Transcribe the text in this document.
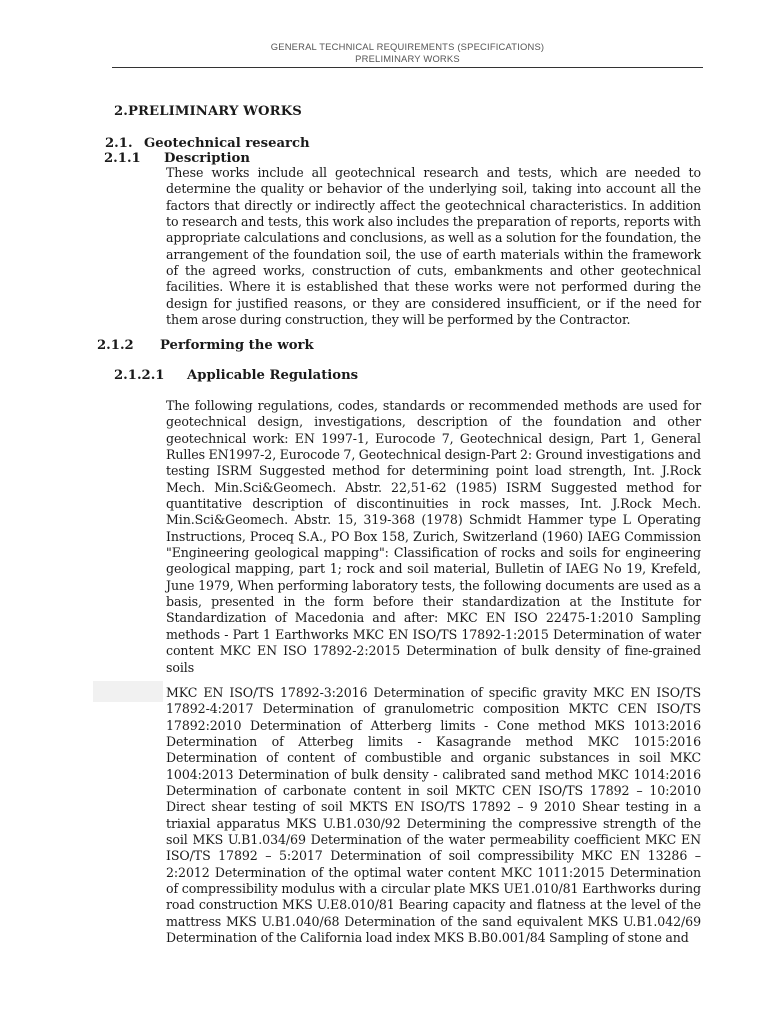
GENERAL TECHNICAL REQUIREMENTS (SPECIFICATIONS)
PRELIMINARY WORKS
2.PRELIMINARY WORKS
2.1. Geotechnical research
2.1.1 Description
These works include all geotechnical research and tests, which are needed to determine the quality or behavior of the underlying soil, taking into account all the factors that directly or indirectly affect the geotechnical characteristics. In addition to research and tests, this work also includes the preparation of reports, reports with appropriate calculations and conclusions, as well as a solution for the foundation, the arrangement of the foundation soil, the use of earth materials within the framework of the agreed works, construction of cuts, embankments and other geotechnical facilities. Where it is established that these works were not performed during the design for justified reasons, or they are considered insufficient, or if the need for them arose during construction, they will be performed by the Contractor.
2.1.2 Performing the work
2.1.2.1 Applicable Regulations
The following regulations, codes, standards or recommended methods are used for geotechnical design, investigations, description of the foundation and other geotechnical work: EN 1997-1, Eurocode 7, Geotechnical design, Part 1, General Rulles EN1997-2, Eurocode 7, Geotechnical design-Part 2: Ground investigations and testing ISRM Suggested method for determining point load strength, Int. J.Rock Mech. Min.Sci&Geomech. Abstr. 22,51-62 (1985) ISRM Suggested method for quantitative description of discontinuities in rock masses, Int. J.Rock Mech. Min.Sci&Geomech. Abstr. 15, 319-368 (1978) Schmidt Hammer type L Operating Instructions, Proceq S.A., PO Box 158, Zurich, Switzerland (1960) IAEG Commission "Engineering geological mapping": Classification of rocks and soils for engineering geological mapping, part 1; rock and soil material, Bulletin of IAEG No 19, Krefeld, June 1979, When performing laboratory tests, the following documents are used as a basis, presented in the form before their standardization at the Institute for Standardization of Macedonia and after: MKC EN ISO 22475-1:2010 Sampling methods - Part 1 Earthworks MKC EN ISO/TS 17892-1:2015 Determination of water content MKC EN ISO 17892-2:2015 Determination of bulk density of fine-grained soils
MKC EN ISO/TS 17892-3:2016 Determination of specific gravity MKC EN ISO/TS 17892-4:2017 Determination of granulometric composition MKTC CEN ISO/TS 17892:2010 Determination of Atterberg limits - Cone method MKS 1013:2016 Determination of Atterbeg limits - Kasagrande method MKC 1015:2016 Determination of content of combustible and organic substances in soil MKC 1004:2013 Determination of bulk density - calibrated sand method MKC 1014:2016 Determination of carbonate content in soil MKTC CEN ISO/TS 17892 – 10:2010 Direct shear testing of soil MKTS EN ISO/TS 17892 – 9 2010 Shear testing in a triaxial apparatus MKS U.B1.030/92 Determining the compressive strength of the soil MKS U.B1.034/69 Determination of the water permeability coefficient MKC EN ISO/TS 17892 – 5:2017 Determination of soil compressibility MKC EN 13286 – 2:2012 Determination of the optimal water content MKC 1011:2015 Determination of compressibility modulus with a circular plate MKS UE1.010/81 Earthworks during road construction MKS U.E8.010/81 Bearing capacity and flatness at the level of the mattress MKS U.B1.040/68 Determination of the sand equivalent MKS U.B1.042/69 Determination of the California load index MKS B.B0.001/84 Sampling of stone and
